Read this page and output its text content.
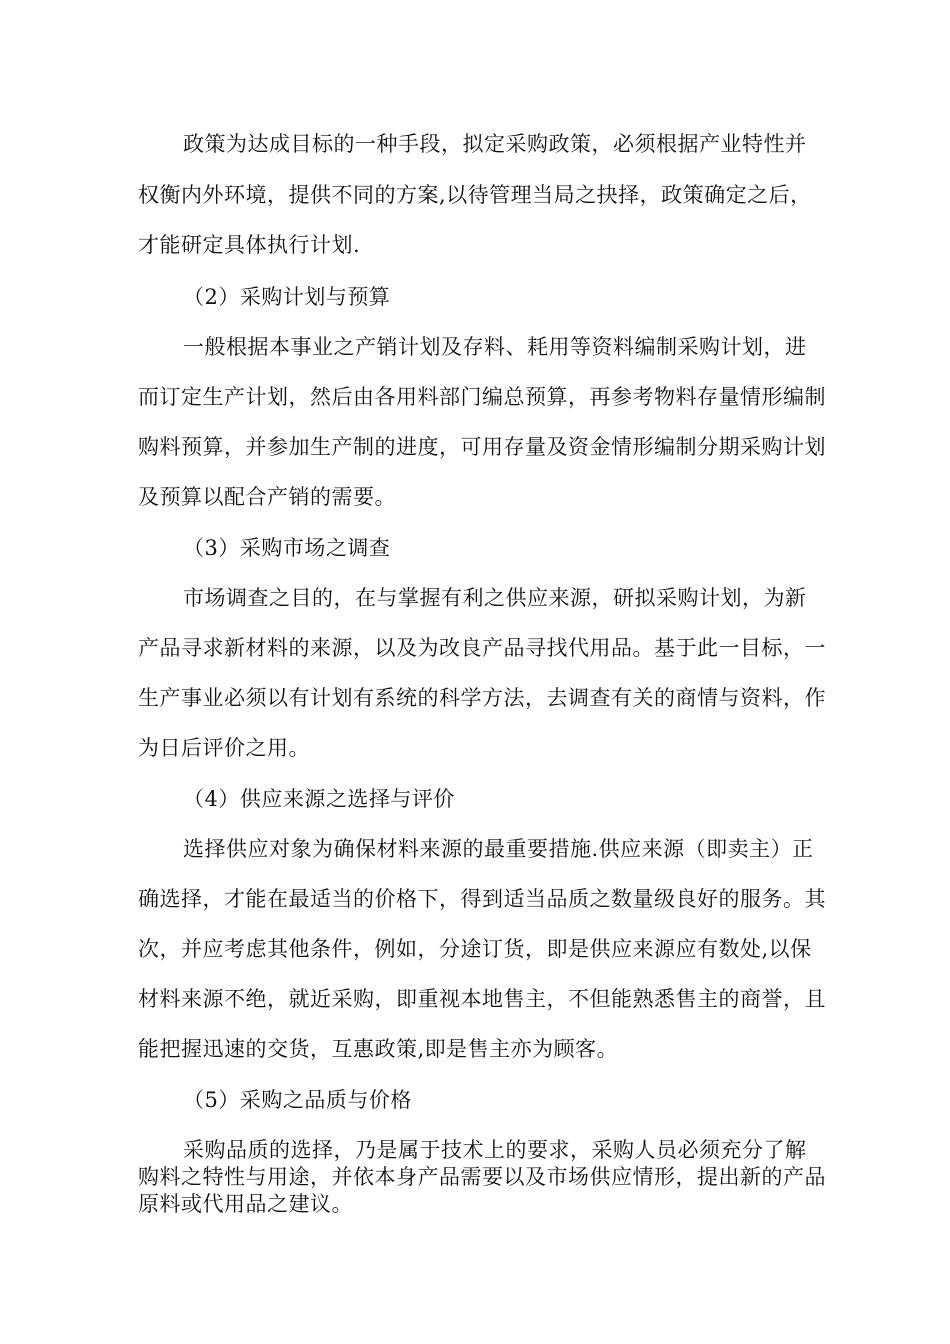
政策为达成目标的一种手段，拟定采购政策，必须根据产业特性并
权衡内外环境，提供不同的方案,以待管理当局之抉择，政策确定之后，
才能研定具体执行计划.
（2）采购计划与预算
一般根据本事业之产销计划及存料、耗用等资料编制采购计划，进
而订定生产计划，然后由各用料部门编总预算，再参考物料存量情形编制
购料预算，并参加生产制的进度，可用存量及资金情形编制分期采购计划
及预算以配合产销的需要。
（3）采购市场之调查
市场调查之目的，在与掌握有利之供应来源，研拟采购计划，为新
产品寻求新材料的来源，以及为改良产品寻找代用品。基于此一目标，一
生产事业必须以有计划有系统的科学方法，去调查有关的商情与资料，作
为日后评价之用。
（4）供应来源之选择与评价
选择供应对象为确保材料来源的最重要措施.供应来源（即卖主）正
确选择，才能在最适当的价格下，得到适当品质之数量级良好的服务。其
次，并应考虑其他条件，例如，分途订货，即是供应来源应有数处,以保
材料来源不绝，就近采购，即重视本地售主，不但能熟悉售主的商誉，且
能把握迅速的交货，互惠政策,即是售主亦为顾客。
（5）采购之品质与价格
采购品质的选择，乃是属于技术上的要求，采购人员必须充分了解
购料之特性与用途，并依本身产品需要以及市场供应情形，提出新的产品
原料或代用品之建议。
